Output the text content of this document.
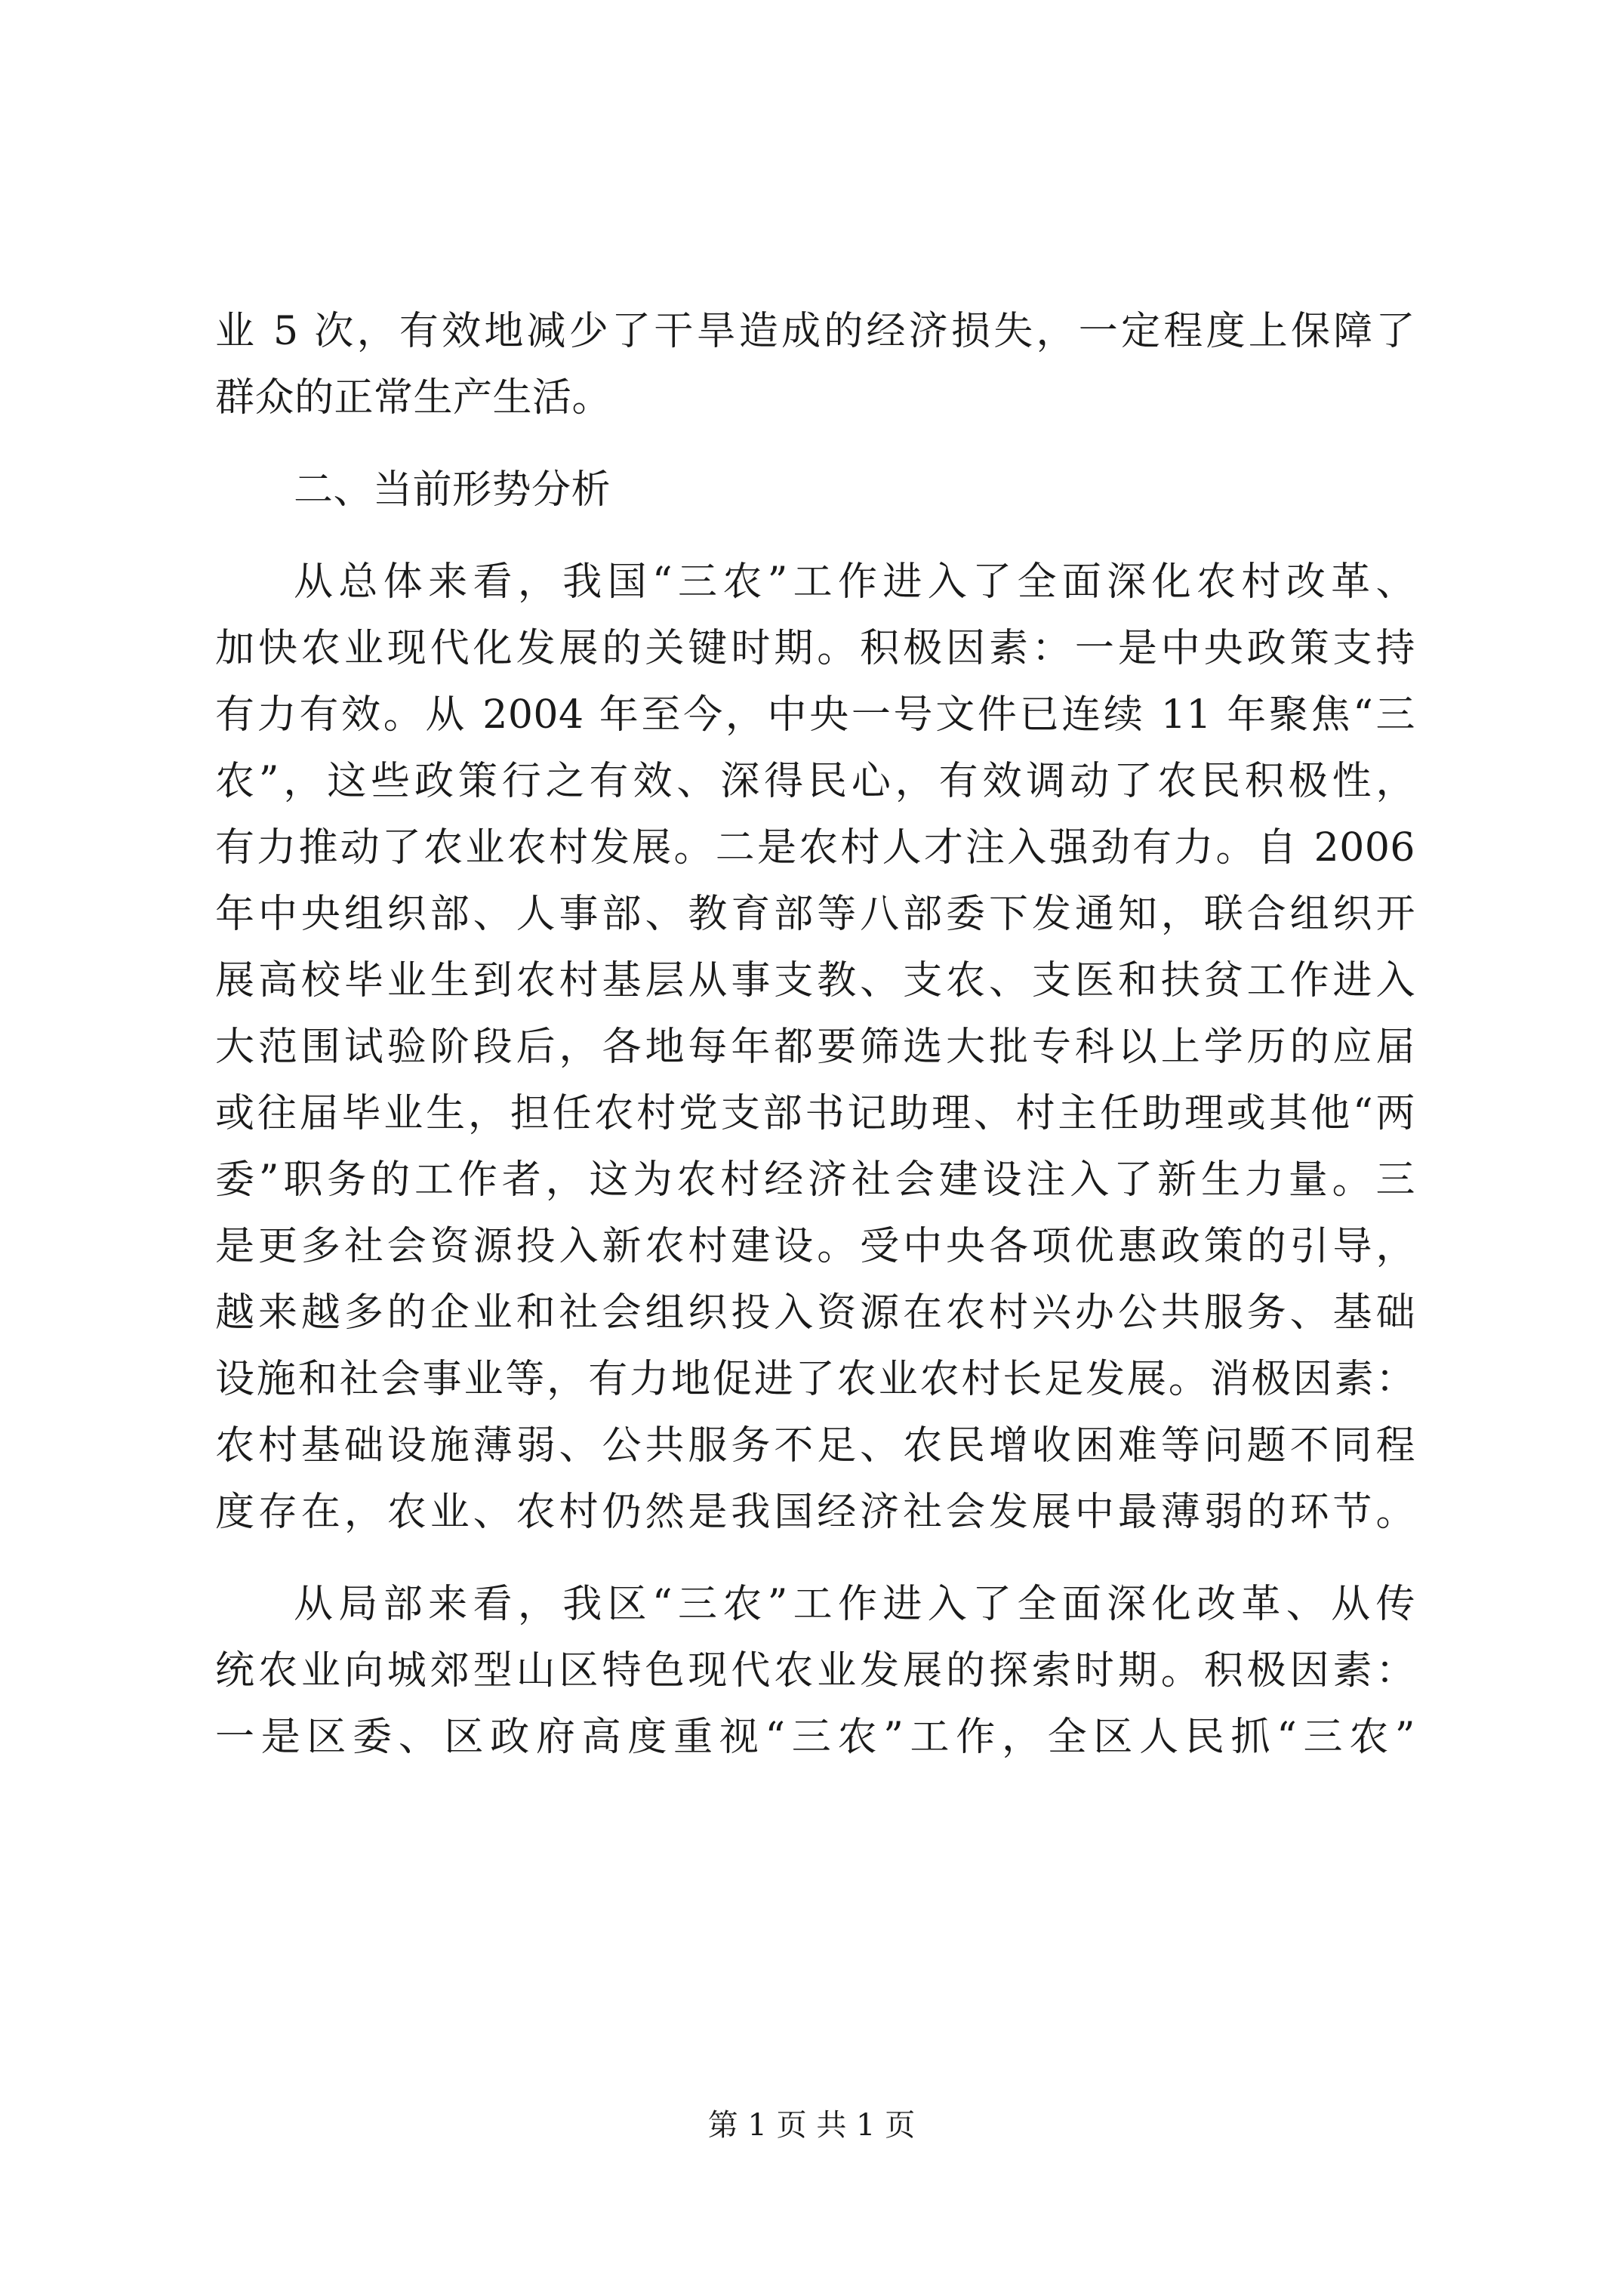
业 5 次，有效地减少了干旱造成的经济损失，一定程度上保障了
群众的正常生产生活。
二、当前形势分析
从总体来看，我国“三农”工作进入了全面深化农村改革、
加快农业现代化发展的关键时期。积极因素：一是中央政策支持
有力有效。从 2004 年至今，中央一号文件已连续 11 年聚焦“三
农”，这些政策行之有效、深得民心，有效调动了农民积极性，
有力推动了农业农村发展。二是农村人才注入强劲有力。自 2006
年中央组织部、人事部、教育部等八部委下发通知，联合组织开
展高校毕业生到农村基层从事支教、支农、支医和扶贫工作进入
大范围试验阶段后，各地每年都要筛选大批专科以上学历的应届
或往届毕业生，担任农村党支部书记助理、村主任助理或其他“两
委”职务的工作者，这为农村经济社会建设注入了新生力量。三
是更多社会资源投入新农村建设。受中央各项优惠政策的引导，
越来越多的企业和社会组织投入资源在农村兴办公共服务、基础
设施和社会事业等，有力地促进了农业农村长足发展。消极因素：
农村基础设施薄弱、公共服务不足、农民增收困难等问题不同程
度存在，农业、农村仍然是我国经济社会发展中最薄弱的环节。
从局部来看，我区“三农”工作进入了全面深化改革、从传
统农业向城郊型山区特色现代农业发展的探索时期。积极因素：
一是区委、区政府高度重视“三农”工作，全区人民抓“三农”
第 1 页 共 1 页
